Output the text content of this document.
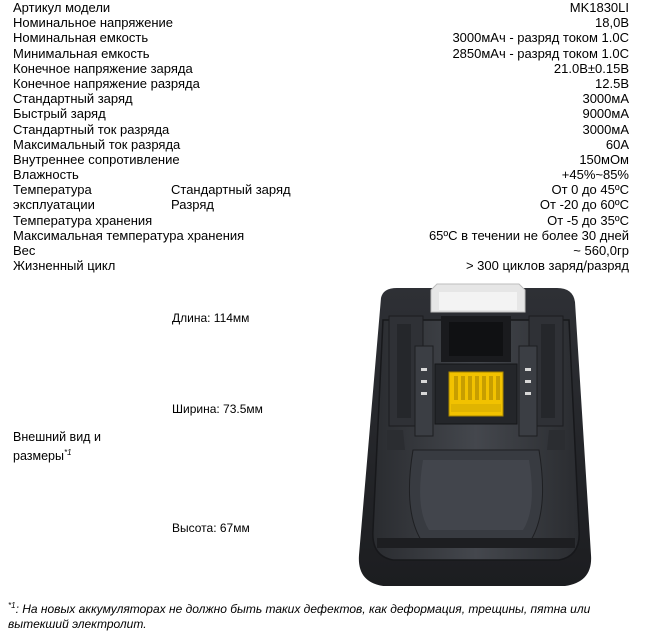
Артикул модели	MK1830LI
Номинальное напряжение	18,0В
Номинальная емкость	3000мАч - разряд током 1.0C
Минимальная емкость	2850мАч - разряд током 1.0C
Конечное напряжение заряда	21.0В±0.15В
Конечное напряжение разряда	12.5В
Стандартный заряд	3000мА
Быстрый заряд	9000мА
Стандартный ток разряда	3000мА
Максимальный ток разряда	60А
Внутреннее сопротивление	150мОм
Влажность	+45%~85%
Температура	Стандартный заряд	От 0 до 45ºС
эксплуатации	Разряд	От -20 до 60ºС
Температура хранения	От -5 до 35ºС
Максимальная температура хранения	65ºС в течении не более 30 дней
Вес	~ 560,0гр
Жизненный цикл	> 300 циклов заряд/разряд
Длина: 114мм
Ширина: 73.5мм
Высота: 67мм
Внешний вид и
размеры$^{*1}$
$^{*1}$: На новых аккумуляторах не должно быть таких дефектов, как деформация, трещины, пятна или вытекший электролит.
